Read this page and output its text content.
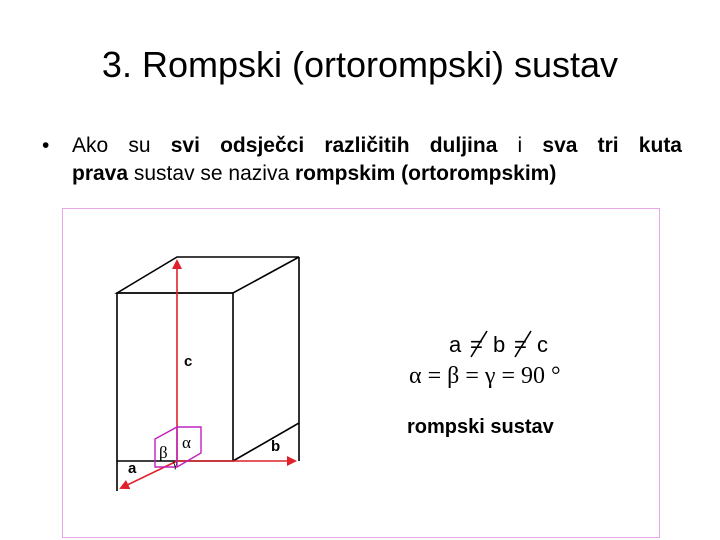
3. Rompski (ortorompski) sustav
• Ako su svi odsječci različitih duljina i sva tri kuta
prava sustav se naziva rompskim (ortorompskim)
c
b
a
α
β
γ
a = b = c
α = β = γ = 90 °
rompski sustav
